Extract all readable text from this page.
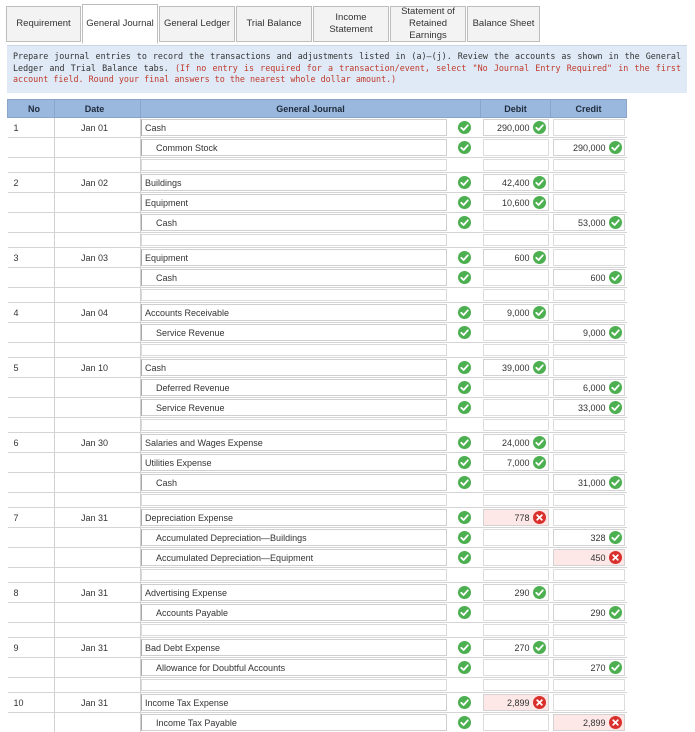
Requirement	General Journal	General Ledger	Trial Balance
Income Statement
Statement of Retained Earnings
Balance Sheet
Prepare journal entries to record the transactions and adjustments listed in (a)–(j). Review the accounts as shown in the General Ledger and Trial Balance tabs. (If no entry is required for a transaction/event, select "No Journal Entry Required" in the first account field. Round your final answers to the nearest whole dollar amount.)
No	Date	General Journal	Debit	Credit
1	Jan 01	Cash	290,000	

		Common Stock		290,000

2	Jan 02	Buildings	42,400	

		Equipment	10,600	

		Cash		53,000

3	Jan 03	Equipment	600	

		Cash		600

4	Jan 04	Accounts Receivable	9,000	

		Service Revenue		9,000

5	Jan 10	Cash	39,000	

		Deferred Revenue		6,000

		Service Revenue		33,000

6	Jan 30	Salaries and Wages Expense	24,000	

		Utilities Expense	7,000	

		Cash		31,000

7	Jan 31	Depreciation Expense	778	

		Accumulated Depreciation—Buildings		328

		Accumulated Depreciation—Equipment		450

8	Jan 31	Advertising Expense	290	

		Accounts Payable		290

9	Jan 31	Bad Debt Expense	270	

		Allowance for Doubtful Accounts		270

10	Jan 31	Income Tax Expense	2,899	

		Income Tax Payable		2,899
